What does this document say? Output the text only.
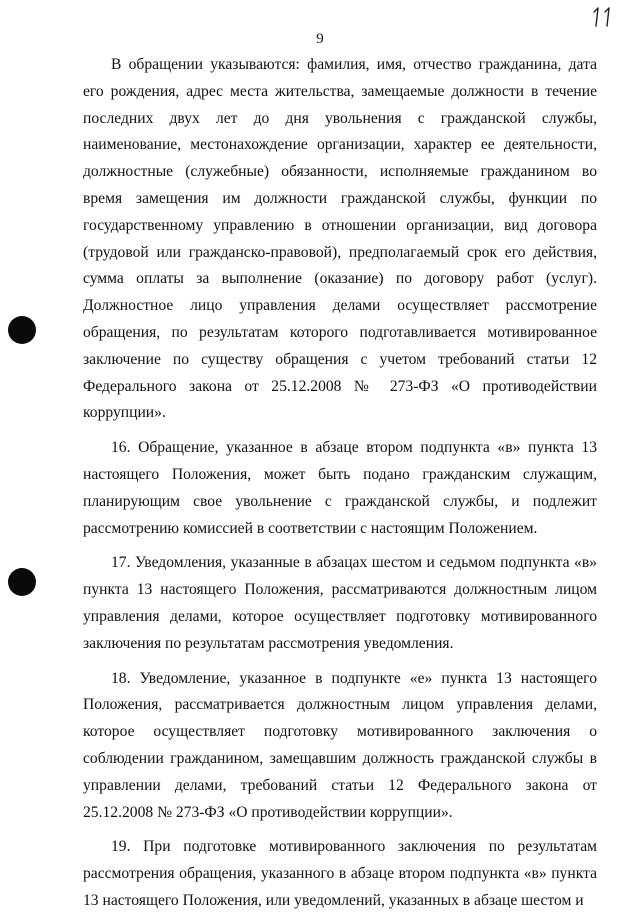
9

В обращении указываются: фамилия, имя, отчество гражданина, дата его рождения, адрес места жительства, замещаемые должности в течение последних двух лет до дня увольнения с гражданской службы, наименование, местонахождение организации, характер ее деятельности, должностные (служебные) обязанности, исполняемые гражданином во время замещения им должности гражданской службы, функции по государственному управлению в отношении организации, вид договора (трудовой или гражданско-правовой), предполагаемый срок его действия, сумма оплаты за выполнение (оказание) по договору работ (услуг). Должностное лицо управления делами осуществляет рассмотрение обращения, по результатам которого подготавливается мотивированное заключение по существу обращения с учетом требований статьи 12 Федерального закона от 25.12.2008 № 273-ФЗ «О противодействии коррупции».

16. Обращение, указанное в абзаце втором подпункта «в» пункта 13 настоящего Положения, может быть подано гражданским служащим, планирующим свое увольнение с гражданской службы, и подлежит рассмотрению комиссией в соответствии с настоящим Положением.

17. Уведомления, указанные в абзацах шестом и седьмом подпункта «в» пункта 13 настоящего Положения, рассматриваются должностным лицом управления делами, которое осуществляет подготовку мотивированного заключения по результатам рассмотрения уведомления.

18. Уведомление, указанное в подпункте «е» пункта 13 настоящего Положения, рассматривается должностным лицом управления делами, которое осуществляет подготовку мотивированного заключения о соблюдении гражданином, замещавшим должность гражданской службы в управлении делами, требований статьи 12 Федерального закона от 25.12.2008 № 273-ФЗ «О противодействии коррупции».

19. При подготовке мотивированного заключения по результатам рассмотрения обращения, указанного в абзаце втором подпункта «в» пункта 13 настоящего Положения, или уведомлений, указанных в абзаце шестом и
